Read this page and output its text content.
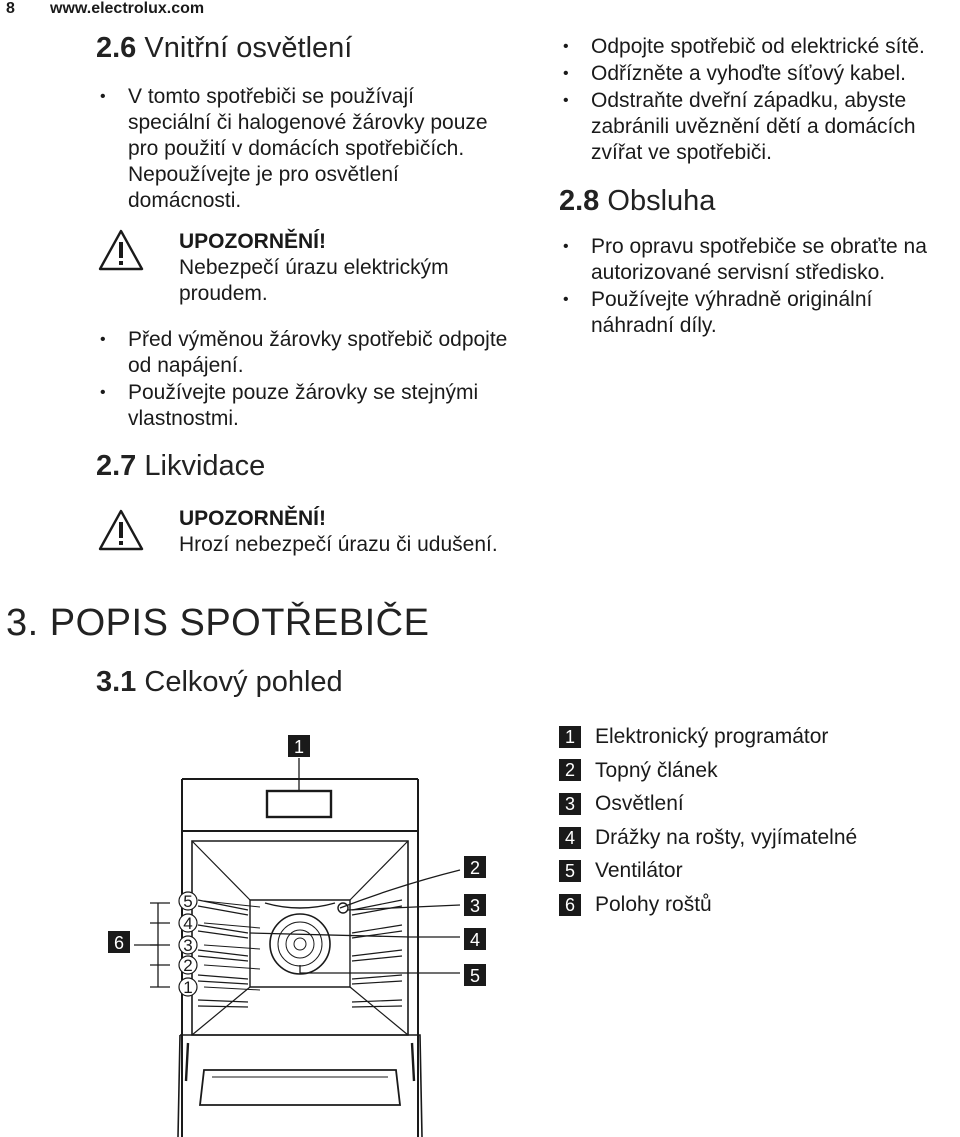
8 www.electrolux.com
2.6 Vnitřní osvětlení
• V tomto spotřebiči se používají speciální či halogenové žárovky pouze pro použití v domácích spotřebičích. Nepoužívejte je pro osvětlení domácnosti.
UPOZORNĚNÍ!
Nebezpečí úrazu elektrickým proudem.
• Před výměnou žárovky spotřebič odpojte od napájení.
• Používejte pouze žárovky se stejnými vlastnostmi.
2.7 Likvidace
UPOZORNĚNÍ!
Hrozí nebezpečí úrazu či udušení.
• Odpojte spotřebič od elektrické sítě.
• Odřízněte a vyhoďte síťový kabel.
• Odstraňte dveřní západku, abyste zabránili uvěznění dětí a domácích zvířat ve spotřebiči.
2.8 Obsluha
• Pro opravu spotřebiče se obraťte na autorizované servisní středisko.
• Používejte výhradně originální náhradní díly.
3. POPIS SPOTŘEBIČE
3.1 Celkový pohled
1
2
3
4
5
6
5
4
3
2
1
1 Elektronický programátor
2 Topný článek
3 Osvětlení
4 Drážky na rošty, vyjímatelné
5 Ventilátor
6 Polohy roštů
